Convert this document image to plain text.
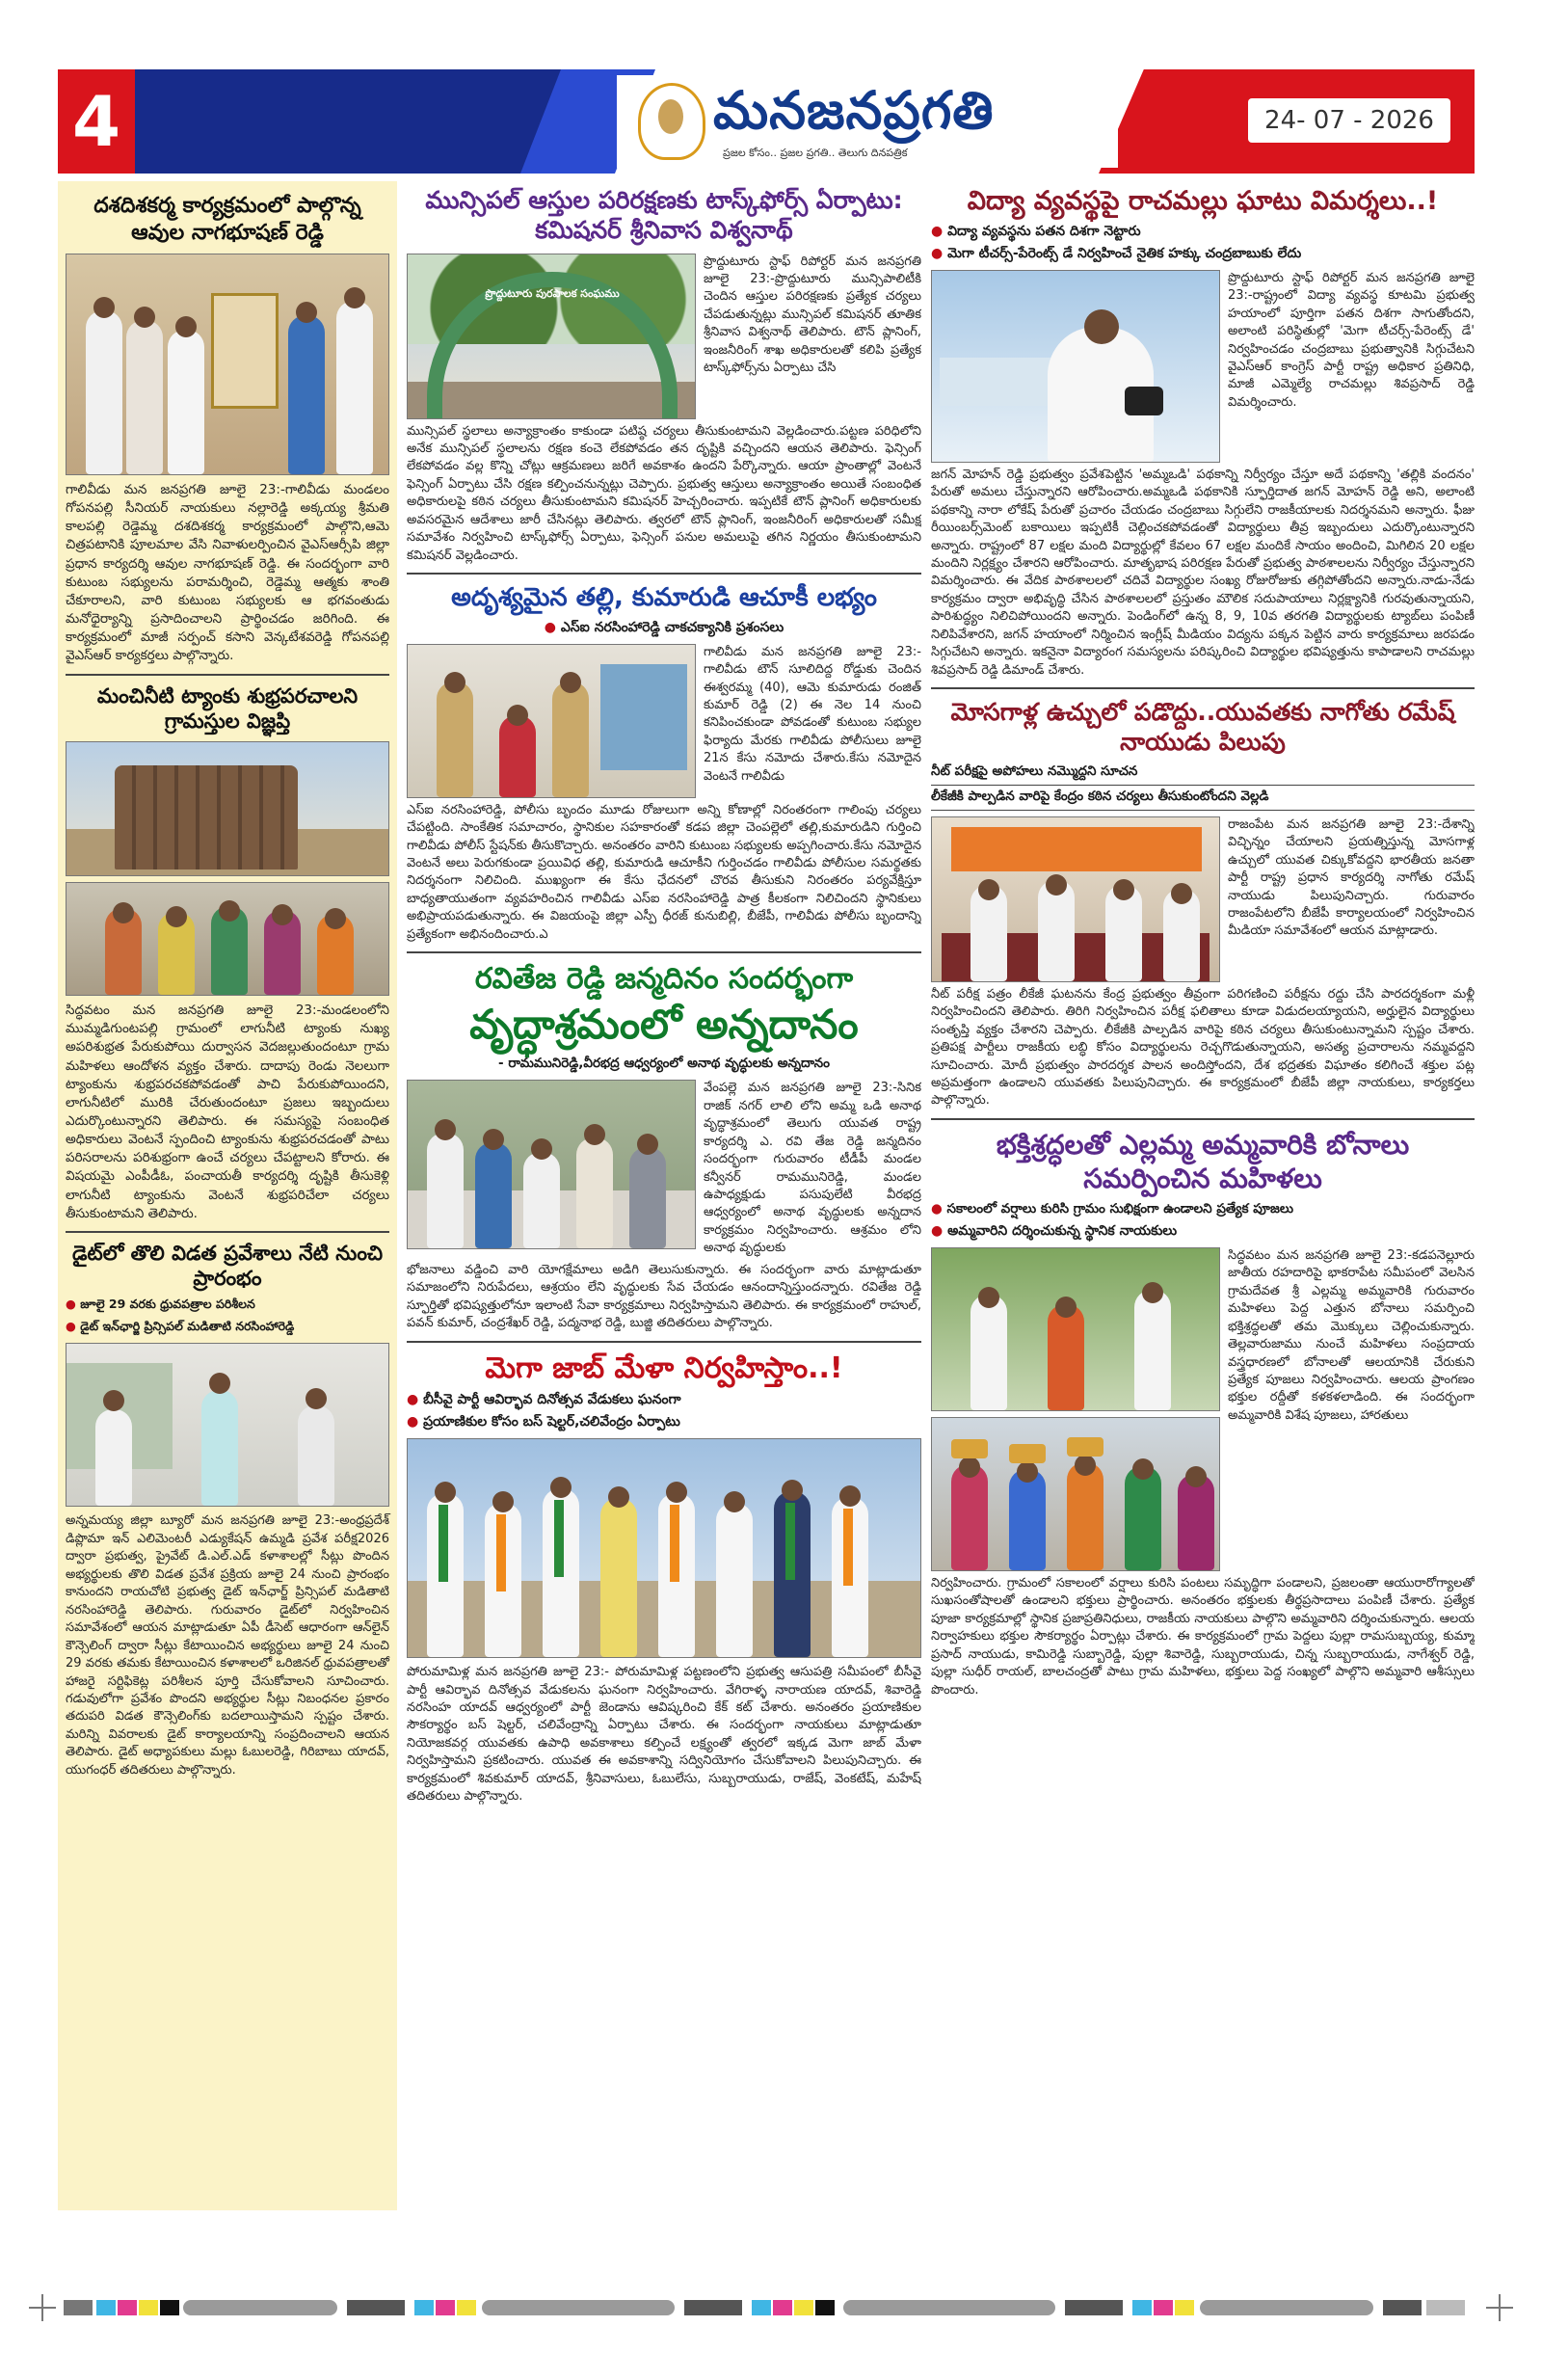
4	మనజనప్రగతి
ప్రజల కోసం.. ప్రజల ప్రగతి.. తెలుగు దినపత్రిక
24- 07 - 2026
దశదిశకర్మ కార్యక్రమంలో పాల్గొన్న ఆవుల నాగభూషణ్ రెడ్డి

గాలివీడు మన జనప్రగతి జూలై 23:-గాలివీడు మండలం గోపనపల్లి సీనియర్ నాయకులు నల్లారెడ్డి అక్కయ్య శ్రీమతి కాలపల్లి రెడ్డెమ్మ దశదిశకర్మ కార్యక్రమంలో పాల్గొని,ఆమె చిత్రపటానికి పూలమాల వేసి నివాళులర్పించిన వైఎస్ఆర్సీపి జిల్లా ప్రధాన కార్యదర్శి ఆవుల నాగభూషణ్ రెడ్డి. ఈ సందర్భంగా వారి కుటుంబ సభ్యులను పరామర్శించి, రెడ్డెమ్మ ఆత్మకు శాంతి చేకూరాలని, వారి కుటుంబ సభ్యులకు ఆ భగవంతుడు మనోధైర్యాన్ని ప్రసాదించాలని ప్రార్థించడం జరిగింది. ఈ కార్యక్రమంలో మాజీ సర్పంచ్ కసాని వెన్కటేశవరెడ్డి గోపనపల్లి వైఎస్ఆర్ కార్యకర్తలు పాల్గొన్నారు.

మంచినీటి ట్యాంకు శుభ్రపరచాలని గ్రామస్తుల విజ్ఞప్తి

సిద్ధవటం మన జనప్రగతి జూలై 23:-మండలంలోని ముమ్మడిగుంటపల్లి గ్రామంలో లాగునీటి ట్యాంకు నుఖ్య అపరిశుభ్రత పేరుకుపోయి దుర్వాసన వెదజల్లుతుందంటూ గ్రామ మహిళలు ఆందోళన వ్యక్తం చేశారు. దాదాపు రెండు నెలలుగా ట్యాంకును శుభ్రపరచకపోవడంతో పాచి పేరుకుపోయిందని, లాగునీటిలో మురికి చేరుతుందంటూ ప్రజలు ఇబ్బందులు ఎదుర్కొంటున్నారని తెలిపారు. ఈ సమస్యపై సంబంధిత అధికారులు వెంటనే స్పందించి ట్యాంకును శుభ్రపరచడంతో పాటు పరిసరాలను పరిశుభ్రంగా ఉంచే చర్యలు చేపట్టాలని కోరారు. ఈ విషయమై ఎంపీడీఓ, పంచాయతీ కార్యదర్శి దృష్టికి తీసుకెళ్లి లాగునీటి ట్యాంకును వెంటనే శుభ్రపరిచేలా చర్యలు తీసుకుంటామని తెలిపారు.

డైట్‌లో తొలి విడత ప్రవేశాలు నేటి నుంచి ప్రారంభం
● జూలై 29 వరకు ధ్రువపత్రాల పరిశీలన
● డైట్ ఇన్‌ఛార్జి ప్రిన్సిపల్ మడితాటి నరసింహారెడ్డి

అన్నమయ్య జిల్లా బ్యూరో మన జనప్రగతి జూలై 23:-అంధ్రప్రదేశ్ డిప్లొమా ఇన్ ఎలిమెంటరీ ఎడ్యుకేషన్ ఉమ్మడి ప్రవేశ పరీక్ష2026 ద్వారా ప్రభుత్వ, ప్రైవేట్ డి.ఎల్.ఎడ్ కళాశాలల్లో సీట్లు పొందిన అభ్యర్థులకు తొలి విడత ప్రవేశ ప్రక్రియ జూలై 24 నుంచి ప్రారంభం కానుందని రాయచోటి ప్రభుత్వ డైట్ ఇన్‌ఛార్జ్ ప్రిన్సిపల్ మడితాటి నరసింహారెడ్డి తెలిపారు. గురువారం డైట్‌లో నిర్వహించిన సమావేశంలో ఆయన మాట్లాడుతూ ఏపీ డీసెట్ ఆధారంగా ఆన్‌లైన్ కౌన్సెలింగ్ ద్వారా సీట్లు కేటాయించిన అభ్యర్థులు జూలై 24 నుంచి 29 వరకు తమకు కేటాయించిన కళాశాలలో ఒరిజినల్ ధ్రువపత్రాలతో హాజరై సర్టిఫికెట్ల పరిశీలన పూర్తి చేసుకోవాలని సూచించారు. గడువులోగా ప్రవేశం పొందని అభ్యర్థుల సీట్లు నిబంధనల ప్రకారం తదుపరి విడత కౌన్సెలింగ్‌కు బదలాయిస్తామని స్పష్టం చేశారు. మరిన్ని వివరాలకు డైట్ కార్యాలయాన్ని సంప్రదించాలని ఆయన తెలిపారు. డైట్ అధ్యాపకులు మల్లు ఓబులరెడ్డి, గిరిబాబు యాదవ్, యుగంధర్ తదితరులు పాల్గొన్నారు.

మున్సిపల్ ఆస్తుల పరిరక్షణకు టాస్క్‌ఫోర్స్ ఏర్పాటు: కమిషనర్ శ్రీనివాస విశ్వనాథ్
ప్రొద్దుటూరు పురపాలక సంఘము

ప్రొద్దుటూరు స్టాఫ్ రిపోర్టర్ మన జనప్రగతి జూలై 23:-ప్రొద్దుటూరు మున్సిపాలిటీకి చెందిన ఆస్తుల పరిరక్షణకు ప్రత్యేక చర్యలు చేపడుతున్నట్లు మున్సిపల్ కమిషనర్ తూతిక శ్రీనివాస విశ్వనాథ్ తెలిపారు. టౌన్ ప్లానింగ్, ఇంజనీరింగ్ శాఖ అధికారులతో కలిపి ప్రత్యేక టాస్క్‌ఫోర్స్‌ను ఏర్పాటు చేసి

మున్సిపల్ స్థలాలు అన్యాక్రాంతం కాకుండా పటిష్ఠ చర్యలు తీసుకుంటామని వెల్లడించారు.పట్టణ పరిధిలోని అనేక మున్సిపల్ స్థలాలను రక్షణ కంచె లేకపోవడం తన దృష్టికి వచ్చిందని ఆయన తెలిపారు. ఫెన్సింగ్ లేకపోవడం వల్ల కొన్ని చోట్లు ఆక్రమణలు జరిగే అవకాశం ఉందని పేర్కొన్నారు. ఆయా ప్రాంతాల్లో వెంటనే ఫెన్సింగ్ ఏర్పాటు చేసి రక్షణ కల్పించనున్నట్లు చెప్పారు. ప్రభుత్వ ఆస్తులు అన్యాక్రాంతం అయితే సంబంధిత అధికారులపై కఠిన చర్యలు తీసుకుంటామని కమిషనర్ హెచ్చరించారు. ఇప్పటికే టౌన్ ప్లానింగ్ అధికారులకు అవసరమైన ఆదేశాలు జారీ చేసినట్లు తెలిపారు. త్వరలో టౌన్ ప్లానింగ్, ఇంజనీరింగ్ అధికారులతో సమీక్ష సమావేశం నిర్వహించి టాస్క్‌ఫోర్స్ ఏర్పాటు, ఫెన్సింగ్ పనుల అమలుపై తగిన నిర్ణయం తీసుకుంటామని కమిషనర్ వెల్లడించారు.

అదృశ్యమైన తల్లి, కుమారుడి ఆచూకీ లభ్యం
● ఎస్ఐ నరసింహారెడ్డి చాకచక్యానికి ప్రశంసలు

గాలివీడు మన జనప్రగతి జూలై 23:-గాలివీడు టౌన్ సూలిదిద్ద రోడ్డుకు చెందిన ఈశ్వరమ్మ (40), ఆమె కుమారుడు రంజిత్ కుమార్ రెడ్డి (2) ఈ నెల 14 నుంచి కనిపించకుండా పోవడంతో కుటుంబ సభ్యుల ఫిర్యాదు మేరకు గాలివీడు పోలీసులు జూలై 21న కేసు నమోదు చేశారు.కేసు నమోదైన వెంటనే గాలివీడు

ఎస్ఐ నరసింహారెడ్డి, పోలీసు బృందం మూడు రోజులుగా అన్ని కోణాల్లో నిరంతరంగా గాలింపు చర్యలు చేపట్టింది. సాంకేతిక సమాచారం, స్థానికుల సహకారంతో కడప జిల్లా చెంపల్లెలో తల్లి,కుమారుడిని గుర్తించి గాలివీడు పోలీస్ స్టేషన్‌కు తీసుకొచ్చారు. అనంతరం వారిని కుటుంబ సభ్యులకు అప్పగించారు.కేసు నమోదైన వెంటనే అలు పెరుగకుండా ప్రయివిధ తల్లి, కుమారుడి ఆచూకీని గుర్తించడం గాలివీడు పోలీసుల సమర్థతకు నిదర్శనంగా నిలిచింది. ముఖ్యంగా ఈ కేసు ఛేదనలో చొరవ తీసుకుని నిరంతరం పర్యవేక్షిస్తూ బాధ్యతాయుతంగా వ్యవహరించిన గాలివీడు ఎస్ఐ నరసింహారెడ్డి పాత్ర కీలకంగా నిలిచిందని స్థానికులు అభిప్రాయపడుతున్నారు. ఈ విజయంపై జిల్లా ఎస్పీ ధీరజ్ కునుబిల్లి, బీజేపీ, గాలివీడు పోలీసు బృందాన్ని ప్రత్యేకంగా అభినందించారు.ఎ

రవితేజ రెడ్డి జన్మదినం సందర్భంగా
వృద్ధాశ్రమంలో అన్నదానం
- రామమునిరెడ్డి,వీరభద్ర ఆధ్వర్యంలో అనాథ వృద్ధులకు అన్నదానం

వేంపల్లె మన జనప్రగతి జూలై 23:-సినిక రాజిక్ నగర్ లాలి లోని అమ్మ ఒడి అనాథ వృద్ధాశ్రమంలో తెలుగు యువత రాష్ట్ర కార్యదర్శి ఎ. రవి తేజ రెడ్డి జన్మదినం సందర్భంగా గురువారం టీడీపీ మండల కన్వీనర్ రామమునిరెడ్డి, మండల ఉపాధ్యక్షుడు పసుపులేటి వీరభద్ర ఆధ్వర్యంలో అనాథ వృద్ధులకు అన్నదాన కార్యక్రమం నిర్వహించారు. ఆశ్రమం లోని అనాథ వృద్ధులకు

భోజనాలు వడ్డించి వారి యోగక్షేమాలు అడిగి తెలుసుకున్నారు. ఈ సందర్భంగా వారు మాట్లాడుతూ సమాజంలోని నిరుపేదలు, ఆశ్రయం లేని వృద్ధులకు సేవ చేయడం ఆనందాన్నిస్తుందన్నారు. రవితేజ రెడ్డి స్ఫూర్తితో భవిష్యత్తులోనూ ఇలాంటి సేవా కార్యక్రమాలు నిర్వహిస్తామని తెలిపారు. ఈ కార్యక్రమంలో రాహుల్, పవన్ కుమార్, చంద్రశేఖర్ రెడ్డి, పద్మనాభ రెడ్డి, బుజ్జి తదితరులు పాల్గొన్నారు.

మెగా జాబ్ మేళా నిర్వహిస్తాం..!
● బీసీవై పార్టీ ఆవిర్భావ దినోత్సవ వేడుకలు ఘనంగా
● ప్రయాణికుల కోసం బస్ షెల్టర్,చలివేంద్రం ఏర్పాటు

పోరుమామిళ్ల మన జనప్రగతి జూలై 23:- పోరుమామిళ్ల పట్టణంలోని ప్రభుత్వ ఆసుపత్రి సమీపంలో బీసీవై పార్టీ ఆవిర్భావ దినోత్సవ వేడుకలను ఘనంగా నిర్వహించారు. వేగిరాళ్ళ నారాయణ యాదవ్, శివారెడ్డి నరసింహ యాదవ్ ఆధ్వర్యంలో పార్టీ జెండాను ఆవిష్కరించి కేక్ కట్ చేశారు. అనంతరం ప్రయాణికుల సౌకర్యార్థం బస్ షెల్టర్, చలివేంద్రాన్ని ఏర్పాటు చేశారు. ఈ సందర్భంగా నాయకులు మాట్లాడుతూ నియోజకవర్గ యువతకు ఉపాధి అవకాశాలు కల్పించే లక్ష్యంతో త్వరలో ఇక్కడ మెగా జాబ్ మేళా నిర్వహిస్తామని ప్రకటించారు. యువత ఈ అవకాశాన్ని సద్వినియోగం చేసుకోవాలని పిలుపునిచ్చారు. ఈ కార్యక్రమంలో శివకుమార్ యాదవ్, శ్రీనివాసులు, ఓబులేసు, సుబ్బరాయుడు, రాజేష్, వెంకటేష్, మహేష్ తదితరులు పాల్గొన్నారు.

విద్యా వ్యవస్థపై రాచమల్లు ఘాటు విమర్శలు..!
● విద్యా వ్యవస్థను పతన దిశగా నెట్టారు
● మెగా టీచర్స్-పేరెంట్స్ డే నిర్వహించే నైతిక హక్కు చంద్రబాబుకు లేదు

ప్రొద్దుటూరు స్టాఫ్ రిపోర్టర్ మన జనప్రగతి జూలై 23:-రాష్ట్రంలో విద్యా వ్యవస్థ కూటమి ప్రభుత్వ హయాంలో పూర్తిగా పతన దిశగా సాగుతోందని, అలాంటి పరిస్థితుల్లో 'మెగా టీచర్స్-పేరెంట్స్ డే' నిర్వహించడం చంద్రబాబు ప్రభుత్వానికి సిగ్గుచేటని వైఎస్ఆర్ కాంగ్రెస్ పార్టీ రాష్ట్ర అధికార ప్రతినిధి, మాజీ ఎమ్మెల్యే రాచమల్లు శివప్రసాద్ రెడ్డి విమర్శించారు.

జగన్ మోహన్ రెడ్డి ప్రభుత్వం ప్రవేశపెట్టిన 'అమ్మఒడి' పథకాన్ని నిర్వీర్యం చేస్తూ అదే పథకాన్ని 'తల్లికి వందనం' పేరుతో అమలు చేస్తున్నారని ఆరోపించారు.అమ్మఒడి పథకానికి స్ఫూర్తిదాత జగన్ మోహన్ రెడ్డి అని, అలాంటి పథకాన్ని నారా లోకేష్ పేరుతో ప్రచారం చేయడం చంద్రబాబు సిగ్గులేని రాజకీయాలకు నిదర్శనమని అన్నారు. ఫీజు రీయింబర్స్‌మెంట్ బకాయిలు ఇప్పటికీ చెల్లించకపోవడంతో విద్యార్థులు తీవ్ర ఇబ్బందులు ఎదుర్కొంటున్నారని అన్నారు. రాష్ట్రంలో 87 లక్షల మంది విద్యార్థుల్లో కేవలం 67 లక్షల మందికే సాయం అందించి, మిగిలిన 20 లక్షల మందిని నిర్లక్ష్యం చేశారని ఆరోపించారు. మాతృభాష పరిరక్షణ పేరుతో ప్రభుత్వ పాఠశాలలను నిర్వీర్యం చేస్తున్నారని విమర్శించారు. ఈ వేదిక పాఠశాలలలో చదివే విద్యార్థుల సంఖ్య రోజురోజుకు తగ్గిపోతోందని అన్నారు.నాడు-నేడు కార్యక్రమం ద్వారా అభివృద్ధి చేసిన పాఠశాలలలో ప్రస్తుతం మౌలిక సదుపాయాలు నిర్లక్ష్యానికి గురవుతున్నాయని, పారిశుద్ధ్యం నిలిచిపోయిందని అన్నారు. పెండింగ్‌లో ఉన్న 8, 9, 10వ తరగతి విద్యార్థులకు ట్యాబ్‌లు పంపిణీ నిలిపివేశారని, జగన్ హయాంలో నిర్మించిన ఇంగ్లీష్ మీడియం విద్యను పక్కన పెట్టిన వారు కార్యక్రమాలు జరపడం సిగ్గుచేటని అన్నారు. ఇకనైనా విద్యారంగ సమస్యలను పరిష్కరించి విద్యార్థుల భవిష్యత్తును కాపాడాలని రాచమల్లు శివప్రసాద్ రెడ్డి డిమాండ్ చేశారు.

మోసగాళ్ల ఉచ్చులో పడొద్దు..యువతకు నాగోతు రమేష్ నాయుడు పిలుపు
నీట్ పరీక్షపై అపోహలు నమ్మొద్దని సూచన
లీకేజీకి పాల్పడిన వారిపై కేంద్రం కఠిన చర్యలు తీసుకుంటోందని వెల్లడి

రాజంపేట మన జనప్రగతి జూలై 23:-దేశాన్ని విచ్ఛిన్నం చేయాలని ప్రయత్నిస్తున్న మోసగాళ్ల ఉచ్చులో యువత చిక్కుకోవద్దని భారతీయ జనతా పార్టీ రాష్ట్ర ప్రధాన కార్యదర్శి నాగోతు రమేష్ నాయుడు పిలుపునిచ్చారు. గురువారం రాజంపేటలోని బీజేపీ కార్యాలయంలో నిర్వహించిన మీడియా సమావేశంలో ఆయన మాట్లాడారు.

నీట్ పరీక్ష పత్రం లీకేజీ ఘటనను కేంద్ర ప్రభుత్వం తీవ్రంగా పరిగణించి పరీక్షను రద్దు చేసి పారదర్శకంగా మళ్లీ నిర్వహించిందని తెలిపారు. తిరిగి నిర్వహించిన పరీక్ష ఫలితాలు కూడా విడుదలయ్యాయని, అర్హులైన విద్యార్థులు సంతృప్తి వ్యక్తం చేశారని చెప్పారు. లీకేజీకి పాల్పడిన వారిపై కఠిన చర్యలు తీసుకుంటున్నామని స్పష్టం చేశారు. ప్రతిపక్ష పార్టీలు రాజకీయ లబ్ధి కోసం విద్యార్థులను రెచ్చగొడుతున్నాయని, అసత్య ప్రచారాలను నమ్మవద్దని సూచించారు. మోదీ ప్రభుత్వం పారదర్శక పాలన అందిస్తోందని, దేశ భద్రతకు విఘాతం కలిగించే శక్తుల పట్ల అప్రమత్తంగా ఉండాలని యువతకు పిలుపునిచ్చారు. ఈ కార్యక్రమంలో బీజేపీ జిల్లా నాయకులు, కార్యకర్తలు పాల్గొన్నారు.

భక్తిశ్రద్ధలతో ఎల్లమ్మ అమ్మవారికి బోనాలు సమర్పించిన మహిళలు
● సకాలంలో వర్షాలు కురిసి గ్రామం సుభిక్షంగా ఉండాలని ప్రత్యేక పూజలు
● అమ్మవారిని దర్శించుకున్న స్థానిక నాయకులు

సిద్ధవటం మన జనప్రగతి జూలై 23:-కడపనెల్లూరు జాతీయ రహదారిపై భాకరాపేట సమీపంలో వెలసిన గ్రామదేవత శ్రీ ఎల్లమ్మ అమ్మవారికి గురువారం మహిళలు పెద్ద ఎత్తున బోనాలు సమర్పించి భక్తిశ్రద్ధలతో తమ మొక్కులు చెల్లించుకున్నారు. తెల్లవారుజాము నుంచే మహిళలు సంప్రదాయ వస్త్రధారణలో బోనాలతో ఆలయానికి చేరుకుని ప్రత్యేక పూజలు నిర్వహించారు. ఆలయ ప్రాంగణం భక్తుల రద్దీతో కళకళలాడింది. ఈ సందర్భంగా అమ్మవారికి విశేష పూజలు, హారతులు

నిర్వహించారు. గ్రామంలో సకాలంలో వర్షాలు కురిసి పంటలు సమృద్ధిగా పండాలని, ప్రజలంతా ఆయురారోగ్యాలతో సుఖసంతోషాలతో ఉండాలని భక్తులు ప్రార్థించారు. అనంతరం భక్తులకు తీర్థప్రసాదాలు పంపిణీ చేశారు. ప్రత్యేక పూజా కార్యక్రమాల్లో స్థానిక ప్రజాప్రతినిధులు, రాజకీయ నాయకులు పాల్గొని అమ్మవారిని దర్శించుకున్నారు. ఆలయ నిర్వాహకులు భక్తుల సౌకర్యార్థం ఏర్పాట్లు చేశారు. ఈ కార్యక్రమంలో గ్రామ పెద్దలు పుల్లా రామసుబ్బయ్య, కుమ్మా ప్రసాద్ నాయుడు, కామిరెడ్డి సుబ్బారెడ్డి, పుల్లా శివారెడ్డి, సుబ్బరాయుడు, చిన్న సుబ్బరాయుడు, నాగేశ్వర్ రెడ్డి, పుల్లా సుధీర్ రాయల్, బాలచంద్రతో పాటు గ్రామ మహిళలు, భక్తులు పెద్ద సంఖ్యలో పాల్గొని అమ్మవారి ఆశీస్సులు పొందారు.
